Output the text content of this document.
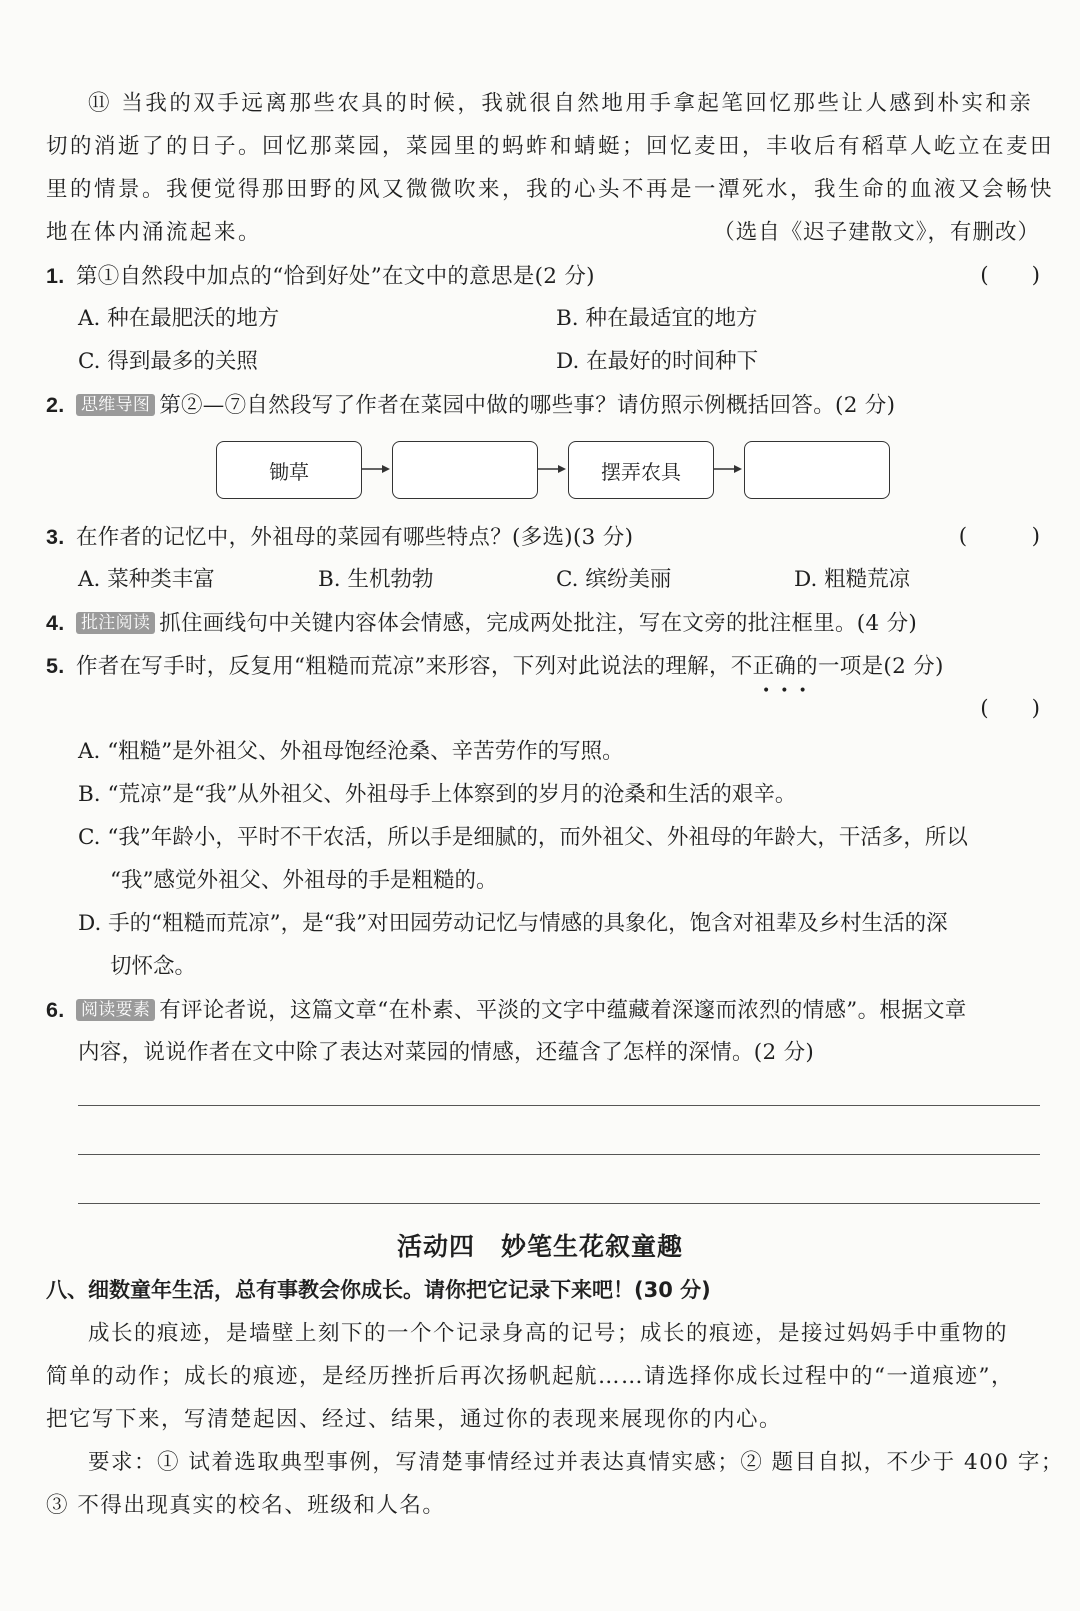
⑪ 当我的双手远离那些农具的时候，我就很自然地用手拿起笔回忆那些让人感到朴实和亲
切的消逝了的日子。回忆那菜园，菜园里的蚂蚱和蜻蜓；回忆麦田，丰收后有稻草人屹立在麦田
里的情景。我便觉得那田野的风又微微吹来，我的心头不再是一潭死水，我生命的血液又会畅快
地在体内涌流起来。	（选自《迟子建散文》，有删改）
1. 第①自然段中加点的“恰到好处”在文中的意思是(2 分)	(　　)
A. 种在最肥沃的地方	B. 种在最适宜的地方
C. 得到最多的关照	D. 在最好的时间种下
2. 思维导图 第②—⑦自然段写了作者在菜园中做的哪些事？请仿照示例概括回答。(2 分)
锄草	摆弄农具
3. 在作者的记忆中，外祖母的菜园有哪些特点？(多选)(3 分)	(　　　)
A. 菜种类丰富	B. 生机勃勃	C. 缤纷美丽	D. 粗糙荒凉
4. 批注阅读 抓住画线句中关键内容体会情感，完成两处批注，写在文旁的批注框里。(4 分)
5. 作者在写手时，反复用“粗糙而荒凉”来形容，下列对此说法的理解，不正确的一项是(2 分)
•••
(　　)
A. “粗糙”是外祖父、外祖母饱经沧桑、辛苦劳作的写照。
B. “荒凉”是“我”从外祖父、外祖母手上体察到的岁月的沧桑和生活的艰辛。
C. “我”年龄小，平时不干农活，所以手是细腻的，而外祖父、外祖母的年龄大，干活多，所以
“我”感觉外祖父、外祖母的手是粗糙的。
D. 手的“粗糙而荒凉”，是“我”对田园劳动记忆与情感的具象化，饱含对祖辈及乡村生活的深
切怀念。
6. 阅读要素 有评论者说，这篇文章“在朴素、平淡的文字中蕴藏着深邃而浓烈的情感”。根据文章
内容，说说作者在文中除了表达对菜园的情感，还蕴含了怎样的深情。(2 分)
活动四　妙笔生花叙童趣
八、细数童年生活，总有事教会你成长。请你把它记录下来吧！(30 分)
成长的痕迹，是墙壁上刻下的一个个记录身高的记号；成长的痕迹，是接过妈妈手中重物的
简单的动作；成长的痕迹，是经历挫折后再次扬帆起航……请选择你成长过程中的“一道痕迹”，
把它写下来，写清楚起因、经过、结果，通过你的表现来展现你的内心。
要求：① 试着选取典型事例，写清楚事情经过并表达真情实感；② 题目自拟，不少于 400 字；
③ 不得出现真实的校名、班级和人名。
